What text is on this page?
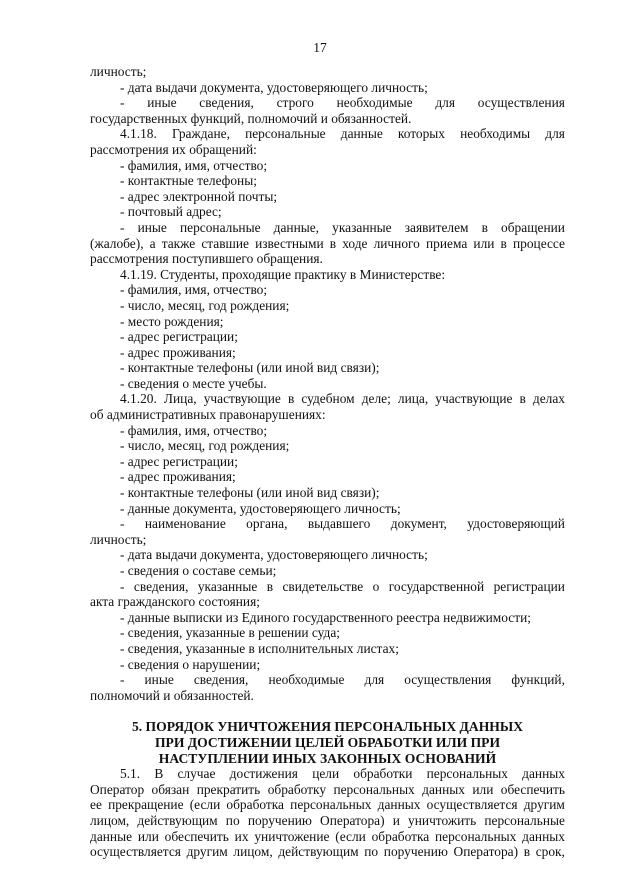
17
личность;
- дата выдачи документа, удостоверяющего личность;
- иные сведения, строго необходимые для осуществления
государственных функций, полномочий и обязанностей.
4.1.18. Граждане, персональные данные которых необходимы для
рассмотрения их обращений:
- фамилия, имя, отчество;
- контактные телефоны;
- адрес электронной почты;
- почтовый адрес;
- иные персональные данные, указанные заявителем в обращении
(жалобе), а также ставшие известными в ходе личного приема или в процессе
рассмотрения поступившего обращения.
4.1.19. Студенты, проходящие практику в Министерстве:
- фамилия, имя, отчество;
- число, месяц, год рождения;
- место рождения;
- адрес регистрации;
- адрес проживания;
- контактные телефоны (или иной вид связи);
- сведения о месте учебы.
4.1.20. Лица, участвующие в судебном деле; лица, участвующие в делах
об административных правонарушениях:
- фамилия, имя, отчество;
- число, месяц, год рождения;
- адрес регистрации;
- адрес проживания;
- контактные телефоны (или иной вид связи);
- данные документа, удостоверяющего личность;
- наименование органа, выдавшего документ, удостоверяющий
личность;
- дата выдачи документа, удостоверяющего личность;
- сведения о составе семьи;
- сведения, указанные в свидетельстве о государственной регистрации
акта гражданского состояния;
- данные выписки из Единого государственного реестра недвижимости;
- сведения, указанные в решении суда;
- сведения, указанные в исполнительных листах;
- сведения о нарушении;
- иные сведения, необходимые для осуществления функций,
полномочий и обязанностей.
5. ПОРЯДОК УНИЧТОЖЕНИЯ ПЕРСОНАЛЬНЫХ ДАННЫХ
ПРИ ДОСТИЖЕНИИ ЦЕЛЕЙ ОБРАБОТКИ ИЛИ ПРИ
НАСТУПЛЕНИИ ИНЫХ ЗАКОННЫХ ОСНОВАНИЙ
5.1. В случае достижения цели обработки персональных данных
Оператор обязан прекратить обработку персональных данных или обеспечить
ее прекращение (если обработка персональных данных осуществляется другим
лицом, действующим по поручению Оператора) и уничтожить персональные
данные или обеспечить их уничтожение (если обработка персональных данных
осуществляется другим лицом, действующим по поручению Оператора) в срок,
